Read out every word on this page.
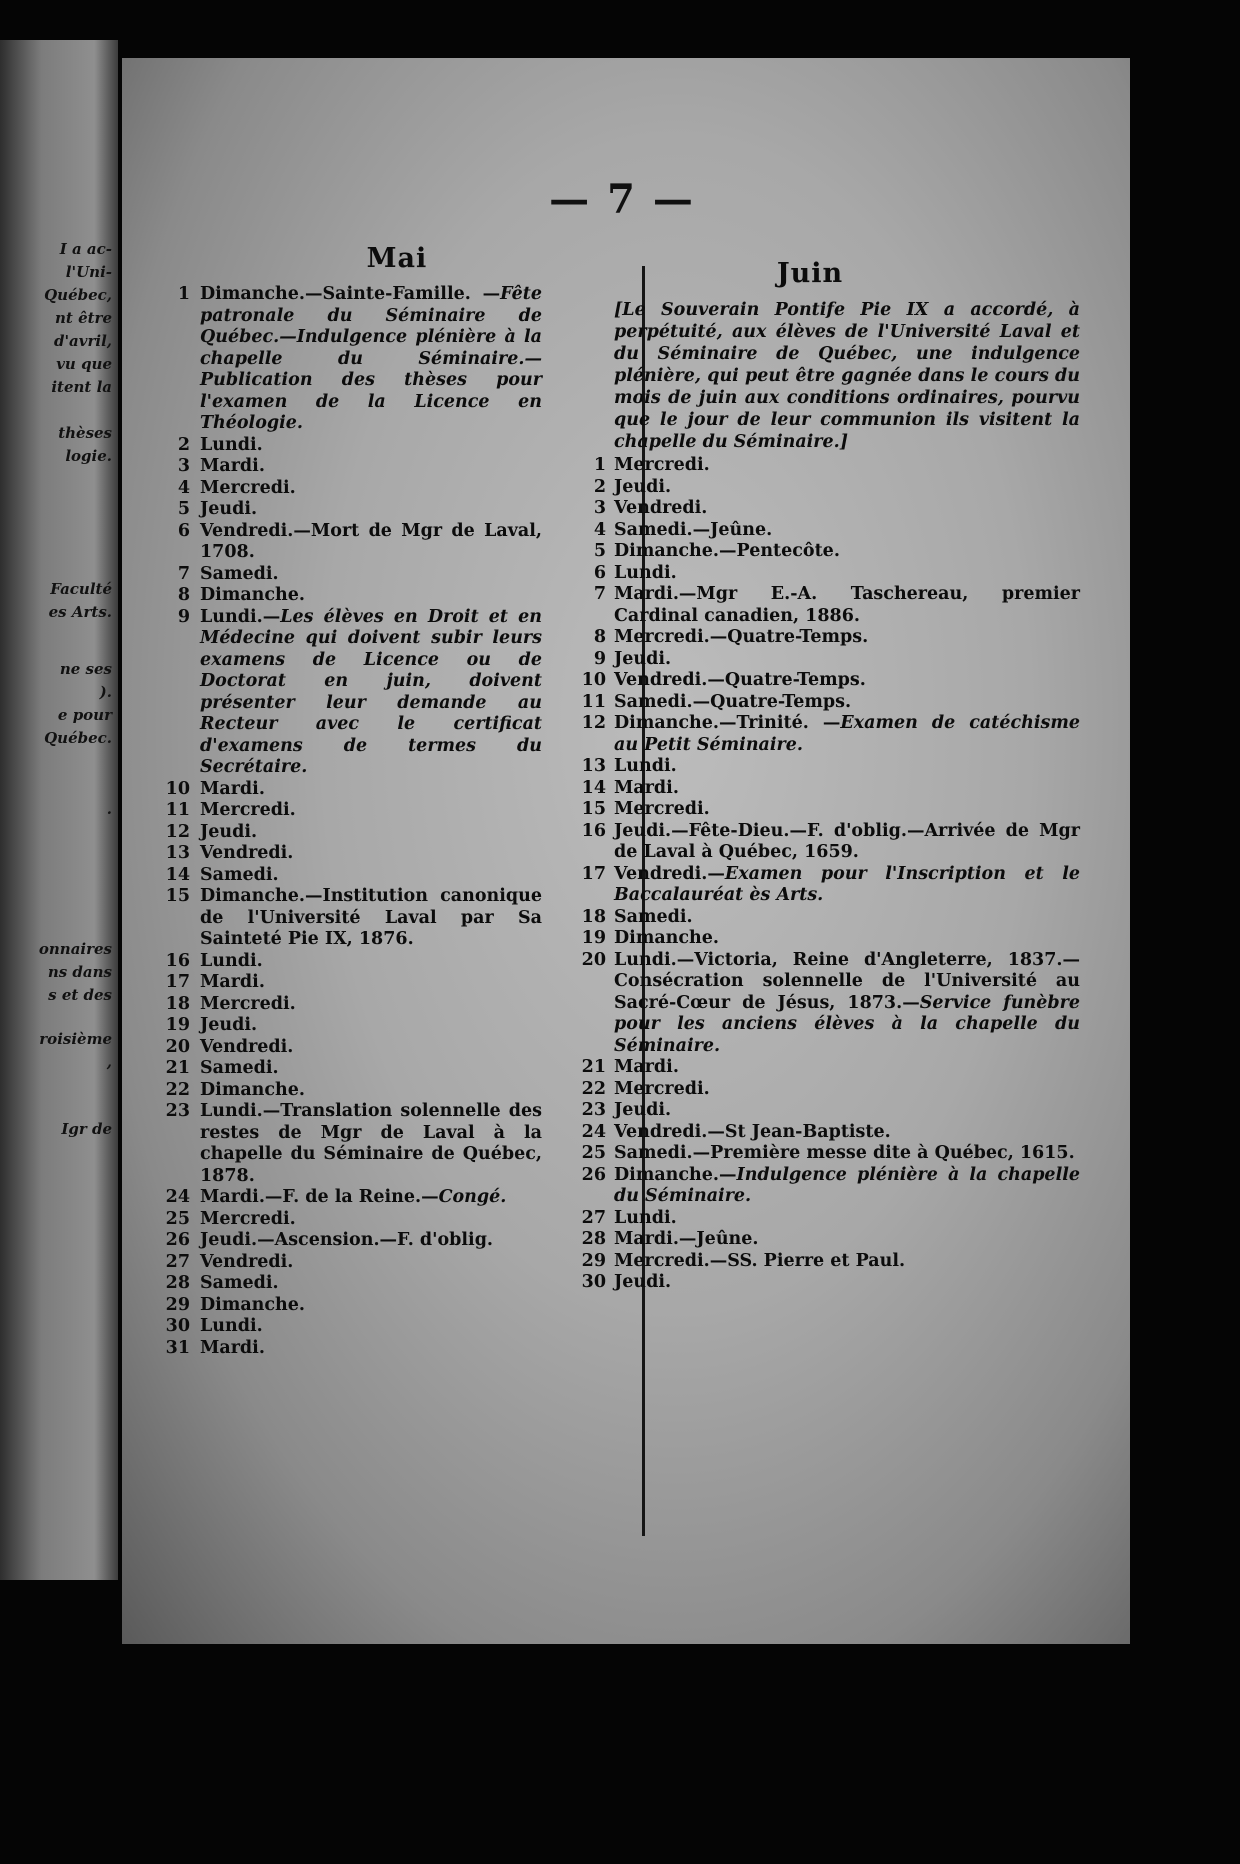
I a ac-
l'Uni-
Québec,
nt être
d'avril,
vu que
itent la
thèses
logie.
Faculté
es Arts.
ne ses
).
e pour
Québec.
.
onnaires
ns dans
s et des
roisième
,
Igr de
— 7 —
Mai
1 Dimanche.—Sainte-Famille. —Fête patronale du Séminaire de Québec.—Indulgence plénière à la chapelle du Séminaire.—Publication des thèses pour l'examen de la Licence en Théologie.
2 Lundi.
3 Mardi.
4 Mercredi.
5 Jeudi.
6 Vendredi.—Mort de Mgr de Laval, 1708.
7 Samedi.
8 Dimanche.
9 Lundi.—Les élèves en Droit et en Médecine qui doivent subir leurs examens de Licence ou de Doctorat en juin, doivent présenter leur demande au Recteur avec le certificat d'examens de termes du Secrétaire.
10 Mardi.
11 Mercredi.
12 Jeudi.
13 Vendredi.
14 Samedi.
15 Dimanche.—Institution canonique de l'Université Laval par Sa Sainteté Pie IX, 1876.
16 Lundi.
17 Mardi.
18 Mercredi.
19 Jeudi.
20 Vendredi.
21 Samedi.
22 Dimanche.
23 Lundi.—Translation solennelle des restes de Mgr de Laval à la chapelle du Séminaire de Québec, 1878.
24 Mardi.—F. de la Reine.—Congé.
25 Mercredi.
26 Jeudi.—Ascension.—F. d'oblig.
27 Vendredi.
28 Samedi.
29 Dimanche.
30 Lundi.
31 Mardi.
Juin
[Le Souverain Pontife Pie IX a accordé, à perpétuité, aux élèves de l'Université Laval et du Séminaire de Québec, une indulgence plénière, qui peut être gagnée dans le cours du mois de juin aux conditions ordinaires, pourvu que le jour de leur communion ils visitent la chapelle du Séminaire.]
1 Mercredi.
2 Jeudi.
3 Vendredi.
4 Samedi.—Jeûne.
5 Dimanche.—Pentecôte.
6 Lundi.
7 Mardi.—Mgr E.-A. Taschereau, premier Cardinal canadien, 1886.
8 Mercredi.—Quatre-Temps.
9 Jeudi.
10 Vendredi.—Quatre-Temps.
11 Samedi.—Quatre-Temps.
12 Dimanche.—Trinité. —Examen de catéchisme au Petit Séminaire.
13 Lundi.
14 Mardi.
15 Mercredi.
16 Jeudi.—Fête-Dieu.—F. d'oblig.—Arrivée de Mgr de Laval à Québec, 1659.
17 Vendredi.—Examen pour l'Inscription et le Baccalauréat ès Arts.
18 Samedi.
19 Dimanche.
20 Lundi.—Victoria, Reine d'Angleterre, 1837.—Consécration solennelle de l'Université au Sacré-Cœur de Jésus, 1873.—Service funèbre pour les anciens élèves à la chapelle du Séminaire.
21 Mardi.
22 Mercredi.
23 Jeudi.
24 Vendredi.—St Jean-Baptiste.
25 Samedi.—Première messe dite à Québec, 1615.
26 Dimanche.—Indulgence plénière à la chapelle du Séminaire.
27 Lundi.
28 Mardi.—Jeûne.
29 Mercredi.—SS. Pierre et Paul.
30 Jeudi.
